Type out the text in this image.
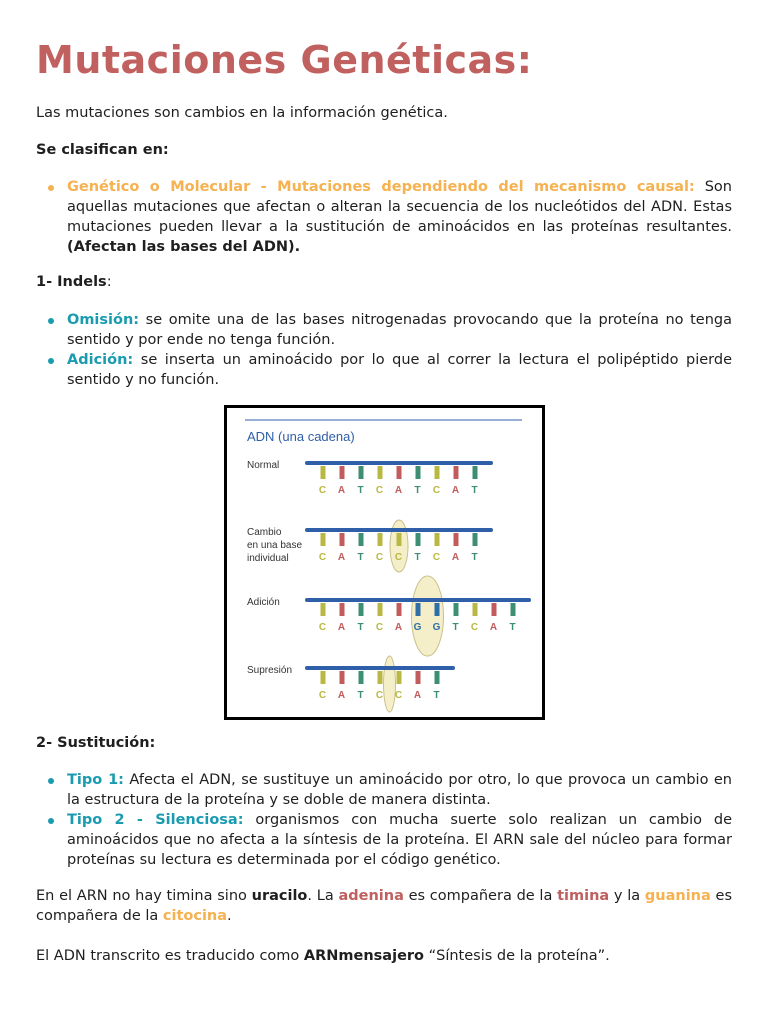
Mutaciones Genéticas:

Las mutaciones son cambios en la información genética.

Se clasifican en:

Genético o Molecular - Mutaciones dependiendo del mecanismo causal: Son aquellas mutaciones que afectan o alteran la secuencia de los nucleótidos del ADN. Estas mutaciones pueden llevar a la sustitución de aminoácidos en las proteínas resultantes. (Afectan las bases del ADN).

1- Indels:

Omisión: se omite una de las bases nitrogenadas provocando que la proteína no tenga sentido y por ende no tenga función.
Adición: se inserta un aminoácido por lo que al correr la lectura el polipéptido pierde sentido y no función.
ADN (una cadena)
C A T C A T C A T
Normal
C A T C C T C A T
Cambio en una base individual
C A T C A G G T C A T
Adición
C A T C C A T
Supresión

2- Sustitución:

Tipo 1: Afecta el ADN, se sustituye un aminoácido por otro, lo que provoca un cambio en la estructura de la proteína y se doble de manera distinta.
Tipo 2 - Silenciosa: organismos con mucha suerte solo realizan un cambio de aminoácidos que no afecta a la síntesis de la proteína. El ARN sale del núcleo para formar proteínas su lectura es determinada por el código genético.

En el ARN no hay timina sino uracilo. La adenina es compañera de la timina y la guanina es compañera de la citocina.

El ADN transcrito es traducido como ARNmensajero “Síntesis de la proteína”.
